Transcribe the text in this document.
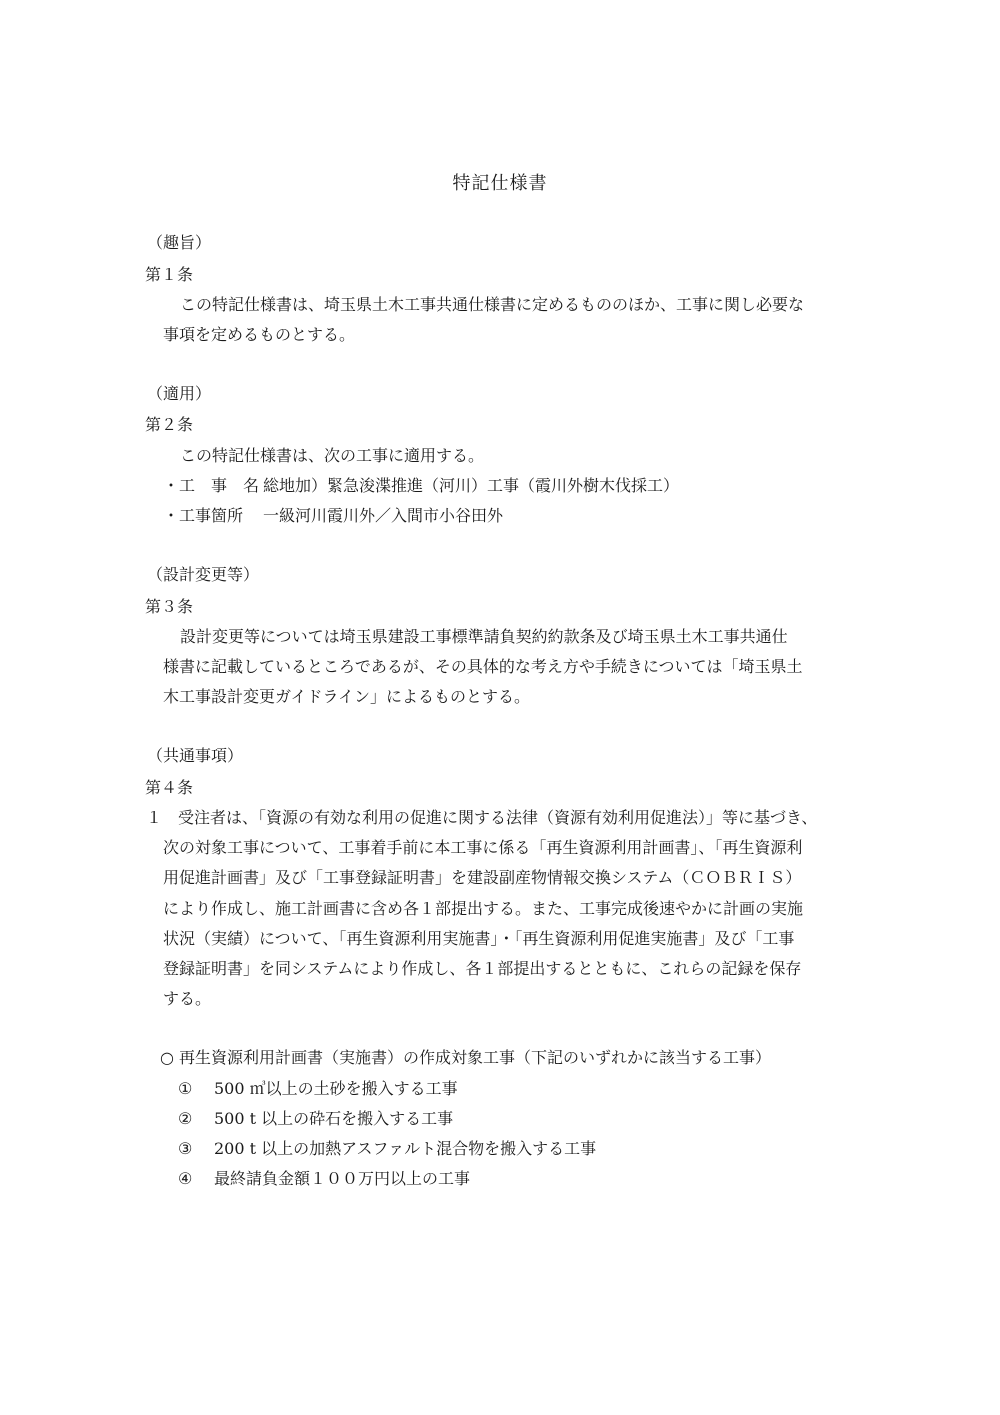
特記仕様書
（趣旨）
第１条
この特記仕様書は、埼玉県土木工事共通仕様書に定めるもののほか、工事に関し必要な
事項を定めるものとする。
（適用）
第２条
この特記仕様書は、次の工事に適用する。
・工　事　名 総地加）緊急浚渫推進（河川）工事（霞川外樹木伐採工）
・工事箇所 一級河川霞川外／入間市小谷田外
（設計変更等）
第３条
設計変更等については埼玉県建設工事標準請負契約約款条及び埼玉県土木工事共通仕
様書に記載しているところであるが、その具体的な考え方や手続きについては「埼玉県土
木工事設計変更ガイドライン」によるものとする。
（共通事項）
第４条
１ 受注者は、「資源の有効な利用の促進に関する法律（資源有効利用促進法）」等に基づき、
次の対象工事について、工事着手前に本工事に係る「再生資源利用計画書」、「再生資源利
用促進計画書」及び「工事登録証明書」を建設副産物情報交換システム（ＣＯＢＲＩＳ）
により作成し、施工計画書に含め各１部提出する。また、工事完成後速やかに計画の実施
状況（実績）について、「再生資源利用実施書」・「再生資源利用促進実施書」及び「工事
登録証明書」を同システムにより作成し、各１部提出するとともに、これらの記録を保存
する。
○ 再生資源利用計画書（実施書）の作成対象工事（下記のいずれかに該当する工事）
① 500 ㎥以上の土砂を搬入する工事
② 500 t 以上の砕石を搬入する工事
③ 200 t 以上の加熱アスファルト混合物を搬入する工事
④ 最終請負金額１００万円以上の工事
